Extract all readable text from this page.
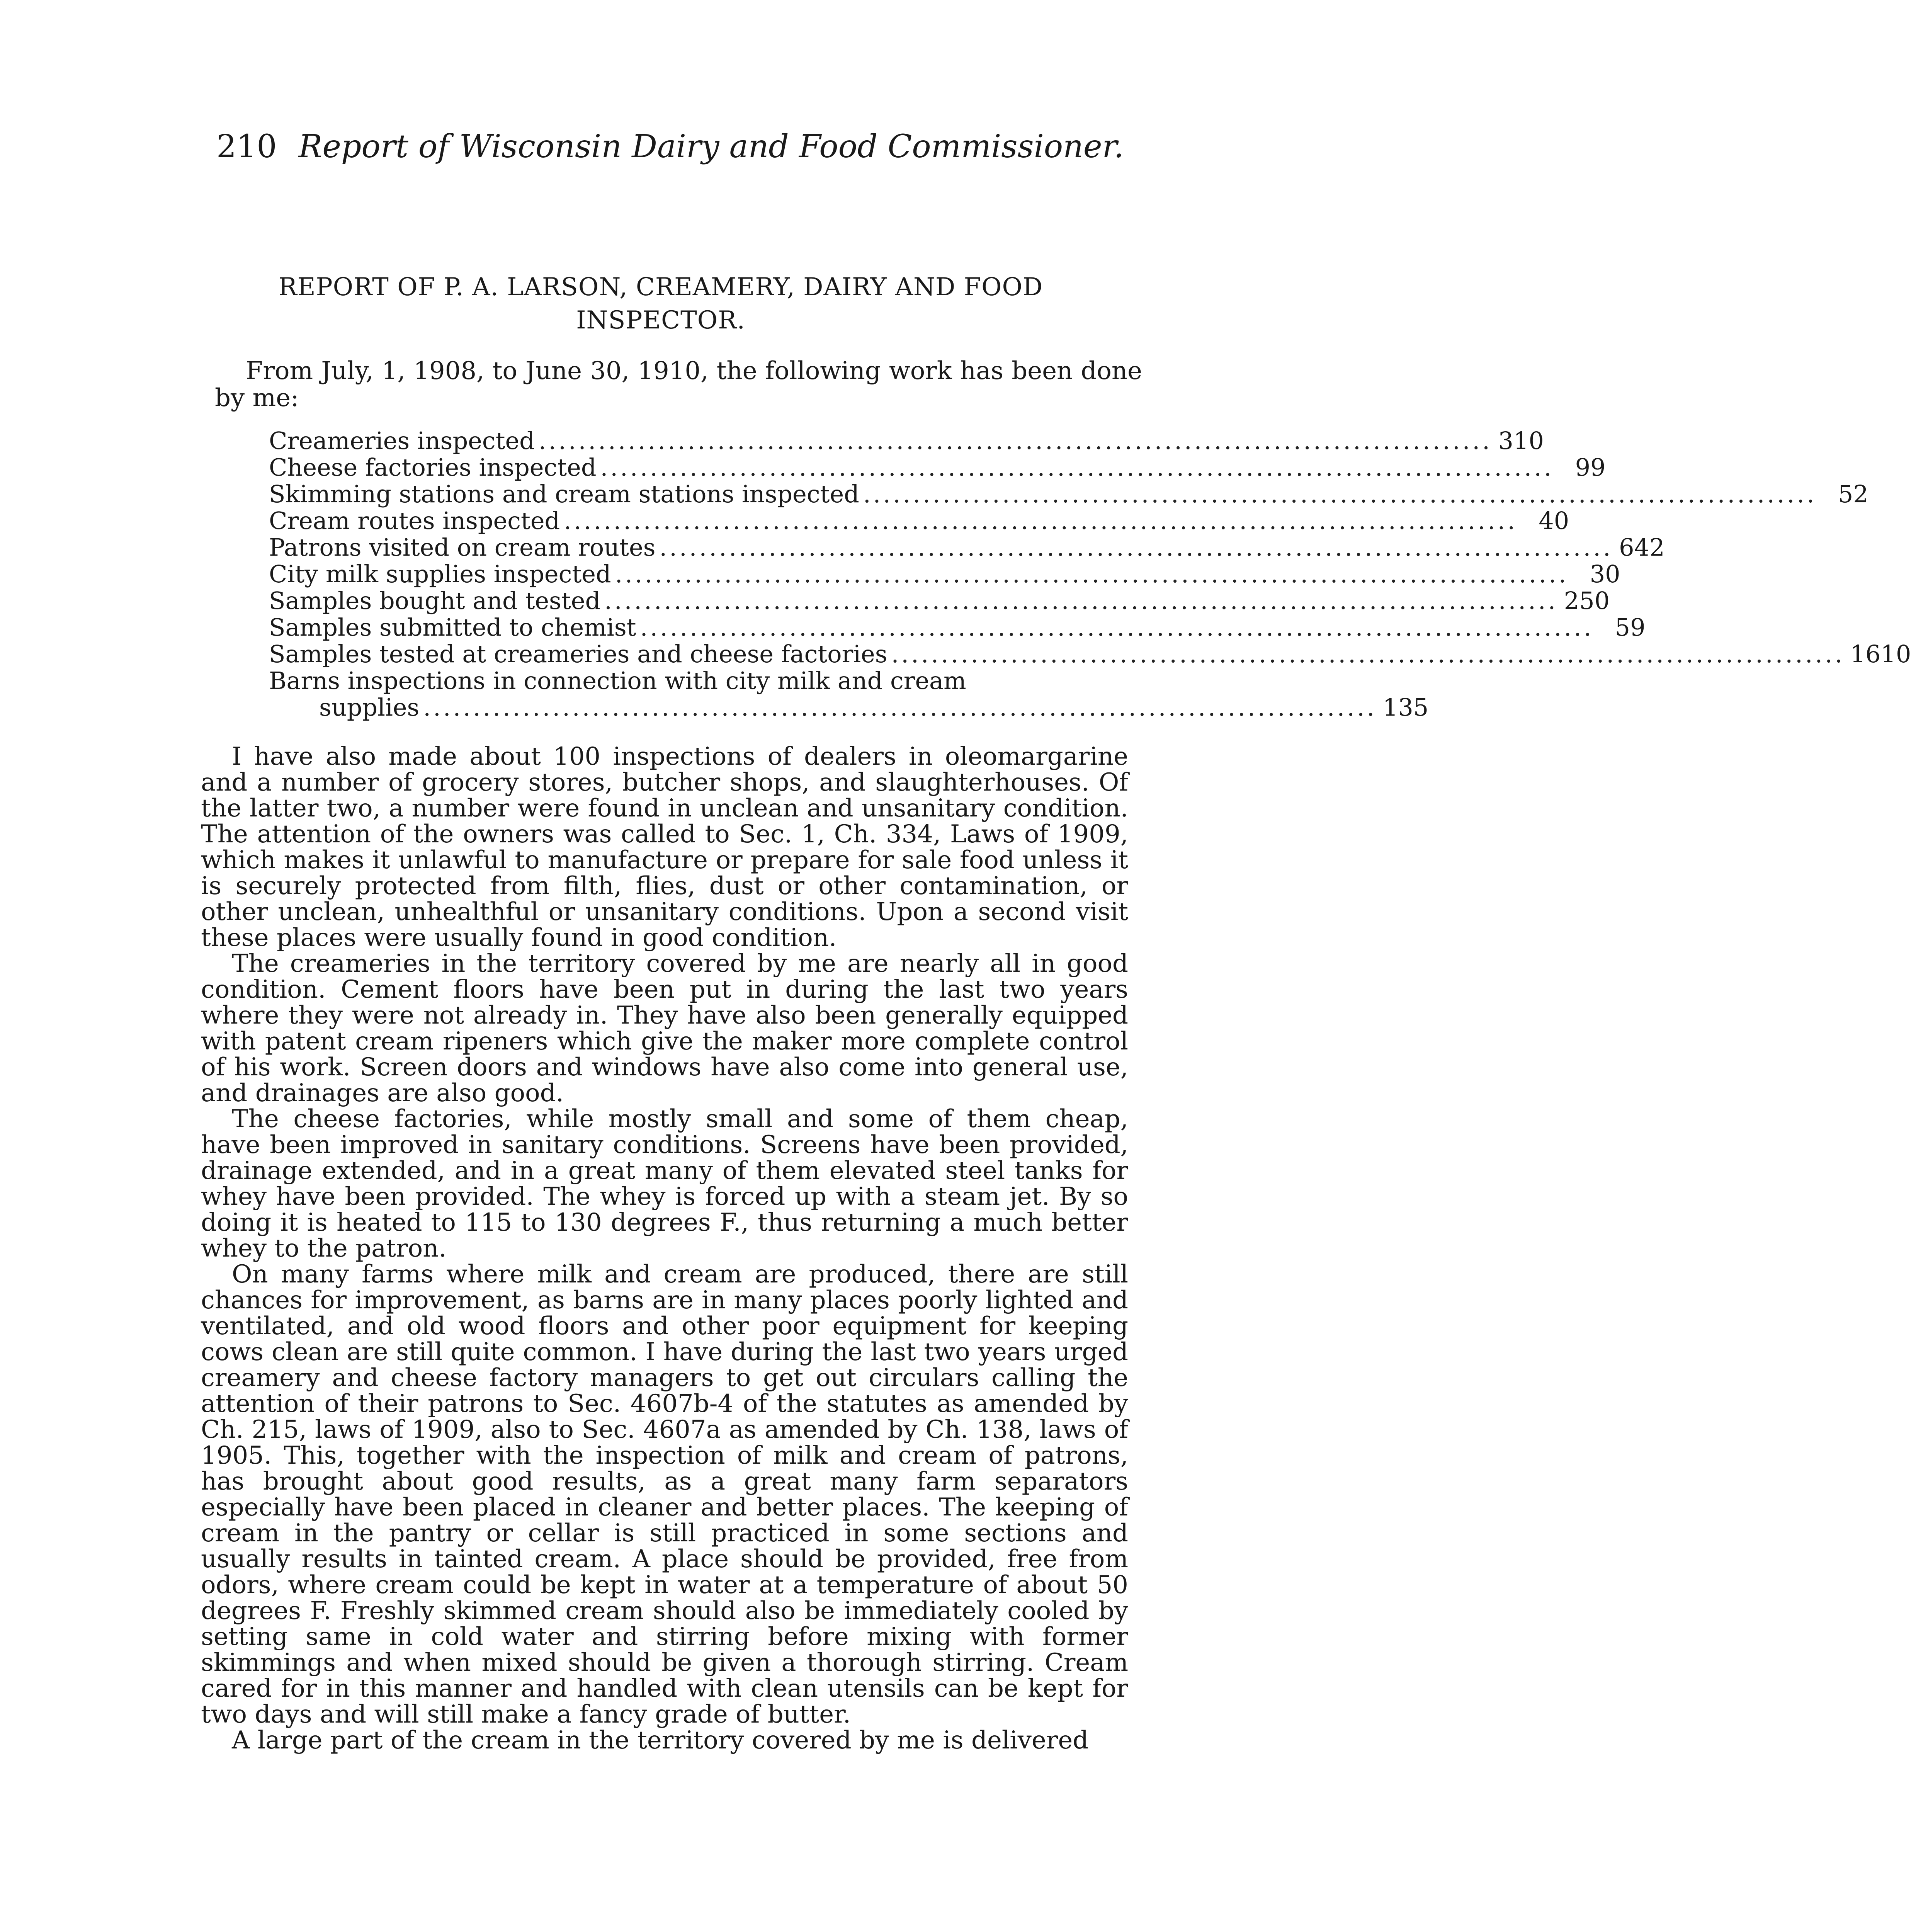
210 Report of Wisconsin Dairy and Food Commissioner.
REPORT OF P. A. LARSON, CREAMERY, DAIRY AND FOOD
INSPECTOR.
From July, 1, 1908, to June 30, 1910, the following work has been done by me:
Creameries inspected ................................................................................................ 310
Cheese factories inspected ................................................................................................ 99
Skimming stations and cream stations inspected ................................................................................................ 52
Cream routes inspected ................................................................................................ 40
Patrons visited on cream routes ................................................................................................ 642
City milk supplies inspected ................................................................................................ 30
Samples bought and tested ................................................................................................ 250
Samples submitted to chemist ................................................................................................ 59
Samples tested at creameries and cheese factories ................................................................................................ 1610
Barns inspections in connection with city milk and cream
supplies ................................................................................................ 135

I have also made about 100 inspections of dealers in oleomargarine and a number of grocery stores, butcher shops, and slaughterhouses. Of the latter two, a number were found in unclean and unsanitary condition. The attention of the owners was called to Sec. 1, Ch. 334, Laws of 1909, which makes it unlawful to manufacture or prepare for sale food unless it is securely protected from filth, flies, dust or other contamination, or other unclean, unhealthful or unsanitary conditions. Upon a second visit these places were usually found in good condition.

The creameries in the territory covered by me are nearly all in good condition. Cement floors have been put in during the last two years where they were not already in. They have also been generally equipped with patent cream ripeners which give the maker more complete control of his work. Screen doors and windows have also come into general use, and drainages are also good.

The cheese factories, while mostly small and some of them cheap, have been improved in sanitary conditions. Screens have been provided, drainage extended, and in a great many of them elevated steel tanks for whey have been provided. The whey is forced up with a steam jet. By so doing it is heated to 115 to 130 degrees F., thus returning a much better whey to the patron.

On many farms where milk and cream are produced, there are still chances for improvement, as barns are in many places poorly lighted and ventilated, and old wood floors and other poor equipment for keeping cows clean are still quite common. I have during the last two years urged creamery and cheese factory managers to get out circulars calling the attention of their patrons to Sec. 4607b-4 of the statutes as amended by Ch. 215, laws of 1909, also to Sec. 4607a as amended by Ch. 138, laws of 1905. This, together with the inspection of milk and cream of patrons, has brought about good results, as a great many farm separators especially have been placed in cleaner and better places. The keeping of cream in the pantry or cellar is still practiced in some sections and usually results in tainted cream. A place should be provided, free from odors, where cream could be kept in water at a temperature of about 50 degrees F. Freshly skimmed cream should also be immediately cooled by setting same in cold water and stirring before mixing with former skimmings and when mixed should be given a thorough stirring. Cream cared for in this manner and handled with clean utensils can be kept for two days and will still make a fancy grade of butter.

A large part of the cream in the territory covered by me is delivered
